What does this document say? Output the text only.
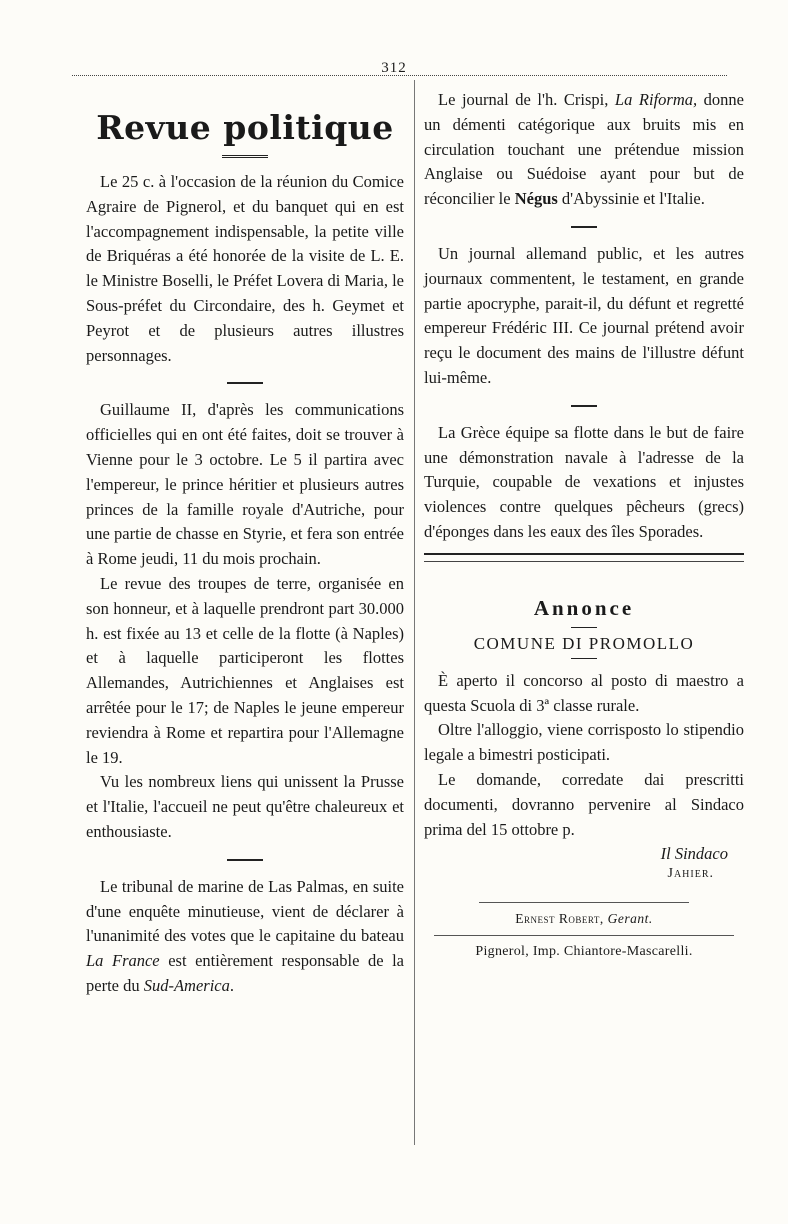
312
Revue politique

Le 25 c. à l'occasion de la réunion du Comice Agraire de Pignerol, et du banquet qui en est l'accompagnement indispensable, la petite ville de Briquéras a été honorée de la visite de L. E. le Ministre Boselli, le Préfet Lovera di Maria, le Sous-préfet du Circondaire, des h. Geymet et Peyrot et de plusieurs autres illustres personnages.

Guillaume II, d'après les communications officielles qui en ont été faites, doit se trouver à Vienne pour le 3 octobre. Le 5 il partira avec l'empereur, le prince héritier et plusieurs autres princes de la famille royale d'Autriche, pour une partie de chasse en Styrie, et fera son entrée à Rome jeudi, 11 du mois prochain.

Le revue des troupes de terre, organisée en son honneur, et à laquelle prendront part 30.000 h. est fixée au 13 et celle de la flotte (à Naples) et à laquelle participeront les flottes Allemandes, Autrichiennes et Anglaises est arrêtée pour le 17; de Naples le jeune empereur reviendra à Rome et repartira pour l'Allemagne le 19.

Vu les nombreux liens qui unissent la Prusse et l'Italie, l'accueil ne peut qu'être chaleureux et enthousiaste.

Le tribunal de marine de Las Palmas, en suite d'une enquête minutieuse, vient de déclarer à l'unanimité des votes que le capitaine du bateau La France est entièrement responsable de la perte du Sud-America.

Le journal de l'h. Crispi, La Riforma, donne un démenti catégorique aux bruits mis en circulation touchant une prétendue mission Anglaise ou Suédoise ayant pour but de réconcilier le Négus d'Abyssinie et l'Italie.

Un journal allemand public, et les autres journaux commentent, le testament, en grande partie apocryphe, parait-il, du défunt et regretté empereur Frédéric III. Ce journal prétend avoir reçu le document des mains de l'illustre défunt lui-même.

La Grèce équipe sa flotte dans le but de faire une démonstration navale à l'adresse de la Turquie, coupable de vexations et injustes violences contre quelques pêcheurs (grecs) d'éponges dans les eaux des îles Sporades.

Annonce
COMUNE DI PROMOLLO

È aperto il concorso al posto di maestro a questa Scuola di 3ª classe rurale.

Oltre l'alloggio, viene corrisposto lo stipendio legale a bimestri posticipati.

Le domande, corredate dai prescritti documenti, dovranno pervenire al Sindaco prima del 15 ottobre p.

Il Sindaco
Jahier.
Ernest Robert, Gerant.
Pignerol, Imp. Chiantore-Mascarelli.
